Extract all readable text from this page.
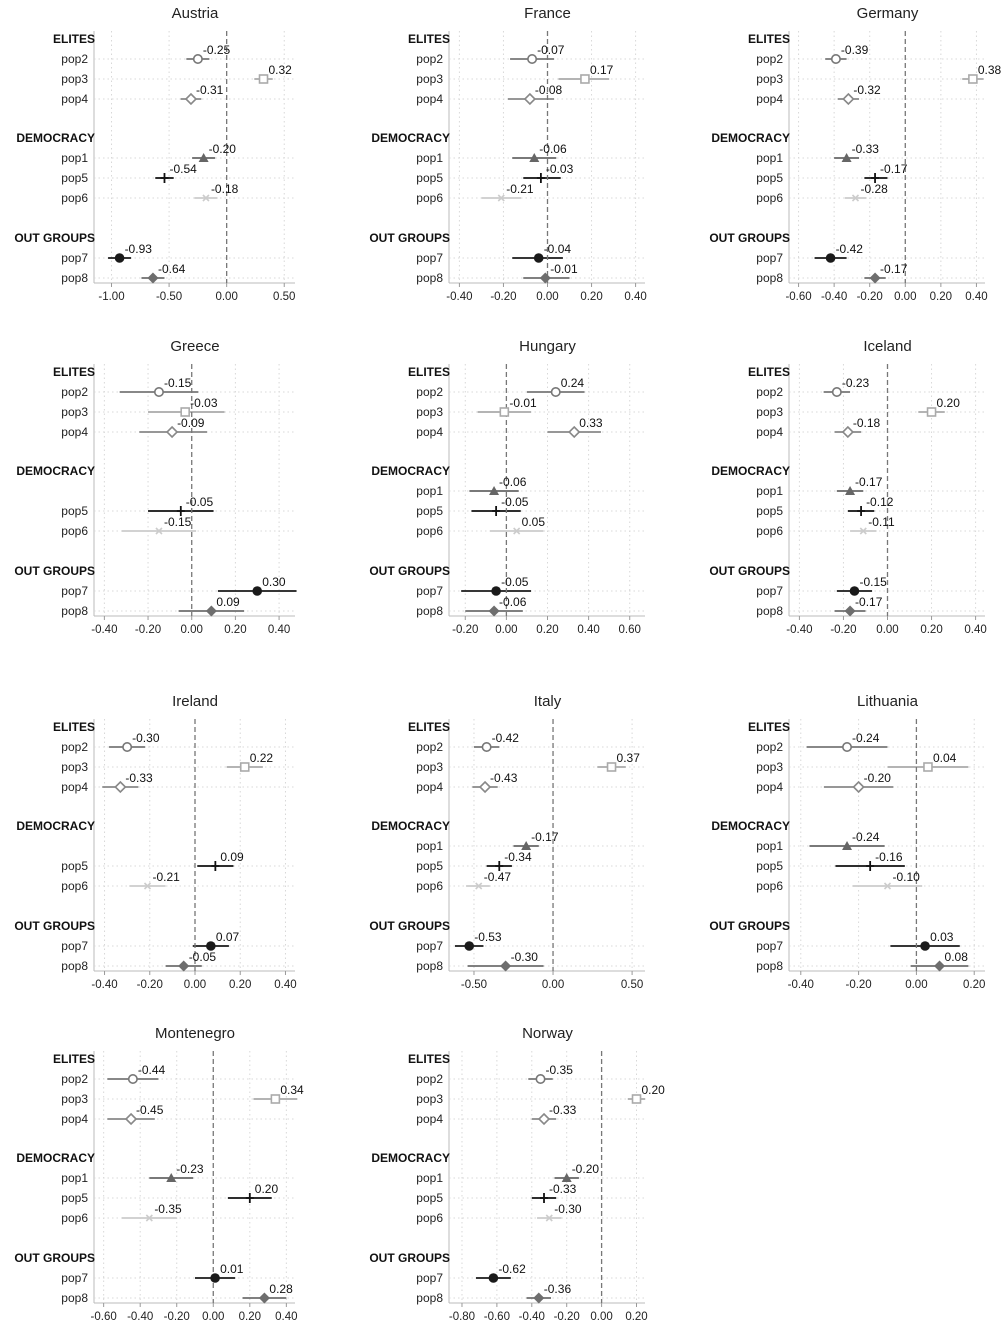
Austria
-1.00	-0.50	0.00	0.50
ELITES
DEMOCRACY
OUT GROUPS
pop2
pop3
pop4
pop1
pop5
pop6
pop7
pop8
-0.25
0.32
-0.31
-0.20
-0.54
-0.18
-0.93
-0.64
France
-0.40 -0.20 0.00 0.20 0.40
ELITES
DEMOCRACY
OUT GROUPS
pop2
pop3
pop4
pop1
pop5
pop6
pop7
pop8
-0.07
0.17
-0.08
-0.06
-0.03
-0.21
-0.04
-0.01
Germany
-0.60 -0.40 -0.20 0.00 0.20 0.40
ELITES
DEMOCRACY
OUT GROUPS
pop2
pop3
pop4
pop1
pop5
pop6
pop7
pop8
-0.39
0.38
-0.32
-0.33
-0.17
-0.28
-0.42
-0.17
Greece
-0.40 -0.20 0.00 0.20 0.40
ELITES
DEMOCRACY
OUT GROUPS
pop2
pop3
pop4
pop5
pop6
pop7
pop8
-0.15
-0.03
-0.09
-0.05
-0.15
0.30
0.09
Hungary
-0.20 0.00 0.20 0.40 0.60
ELITES
DEMOCRACY
OUT GROUPS
pop2
pop3
pop4
pop1
pop5
pop6
pop7
pop8
0.24
-0.01
0.33
-0.06
-0.05
0.05
-0.05
-0.06
Iceland
-0.40 -0.20 0.00 0.20 0.40
ELITES
DEMOCRACY
OUT GROUPS
pop2
pop3
pop4
pop1
pop5
pop6
pop7
pop8
-0.23
0.20
-0.18
-0.17
-0.12
-0.11
-0.15
-0.17
Ireland
-0.40 -0.20 0.00 0.20 0.40
ELITES
DEMOCRACY
OUT GROUPS
pop2
pop3
pop4
pop5
pop6
pop7
pop8
-0.30
0.22
-0.33
0.09
-0.21
0.07
-0.05
Italy
-0.50	0.00	0.50
ELITES
DEMOCRACY
OUT GROUPS
pop2
pop3
pop4
pop1
pop5
pop6
pop7
pop8
-0.42
0.37
-0.43
-0.17
-0.34
-0.47
-0.53
-0.30
Lithuania
-0.40	-0.20	0.00	0.20
ELITES
DEMOCRACY
OUT GROUPS
pop2
pop3
pop4
pop1
pop5
pop6
pop7
pop8
-0.24
0.04
-0.20
-0.24
-0.16
-0.10
0.03
0.08
Montenegro
-0.60 -0.40 -0.20 0.00 0.20 0.40
ELITES
DEMOCRACY
OUT GROUPS
pop2
pop3
pop4
pop1
pop5
pop6
pop7
pop8
-0.44
0.34
-0.45
-0.23
0.20
-0.35
0.01
0.28
Norway
-0.80 -0.60 -0.40 -0.20 0.00 0.20
ELITES
DEMOCRACY
OUT GROUPS
pop2
pop3
pop4
pop1
pop5
pop6
pop7
pop8
-0.35
0.20
-0.33
-0.20
-0.33
-0.30
-0.62
-0.36
